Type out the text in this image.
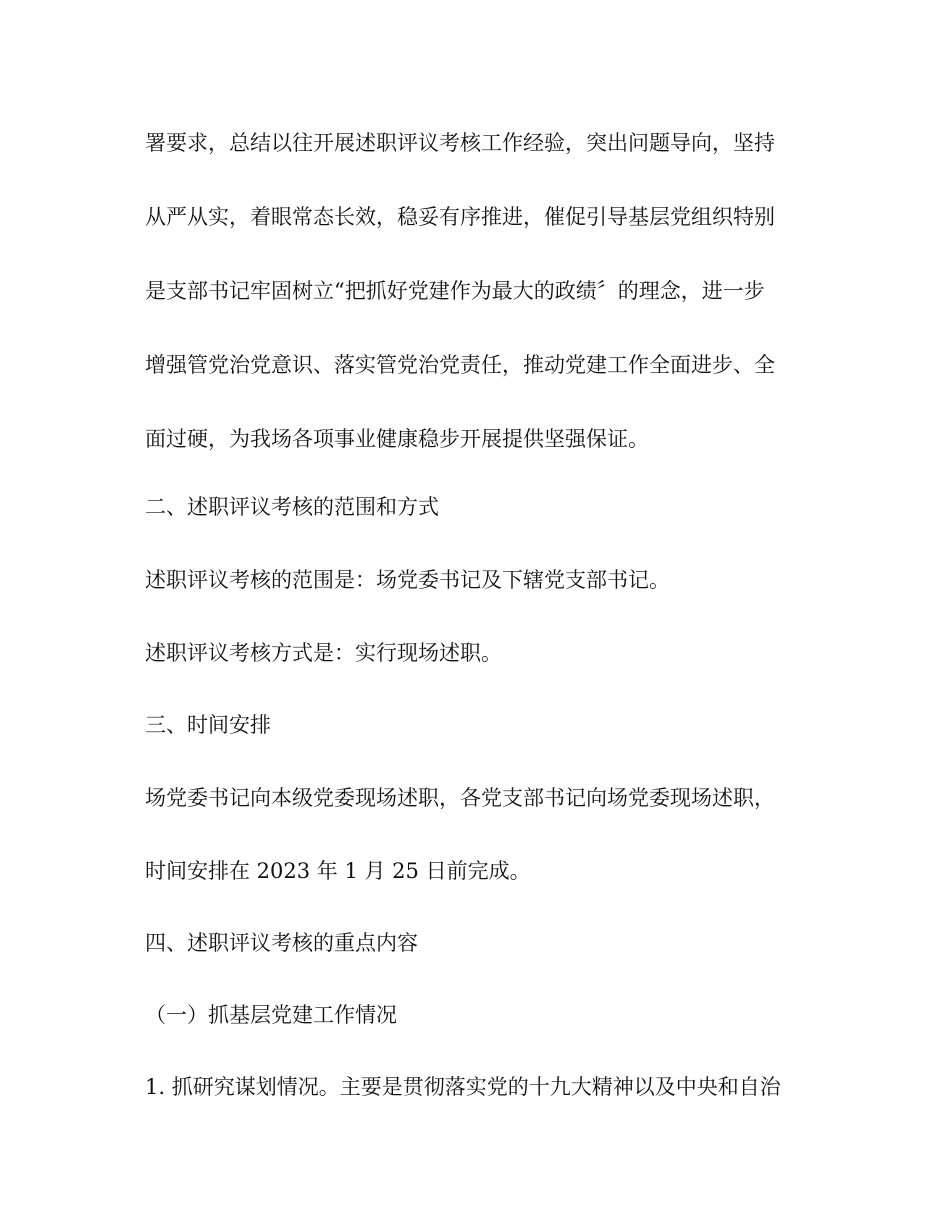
署要求，总结以往开展述职评议考核工作经验，突出问题导向，坚持
从严从实，着眼常态长效，稳妥有序推进，催促引导基层党组织特别
是支部书记牢固树立“把抓好党建作为最大的政绩〞的理念，进一步
增强管党治党意识、落实管党治党责任，推动党建工作全面进步、全
面过硬，为我场各项事业健康稳步开展提供坚强保证。
二、述职评议考核的范围和方式
述职评议考核的范围是：场党委书记及下辖党支部书记。
述职评议考核方式是：实行现场述职。
三、时间安排
场党委书记向本级党委现场述职，各党支部书记向场党委现场述职，
时间安排在 2023 年 1 月 25 日前完成。
四、述职评议考核的重点内容
（一）抓基层党建工作情况
1. 抓研究谋划情况。主要是贯彻落实党的十九大精神以及中央和自治
